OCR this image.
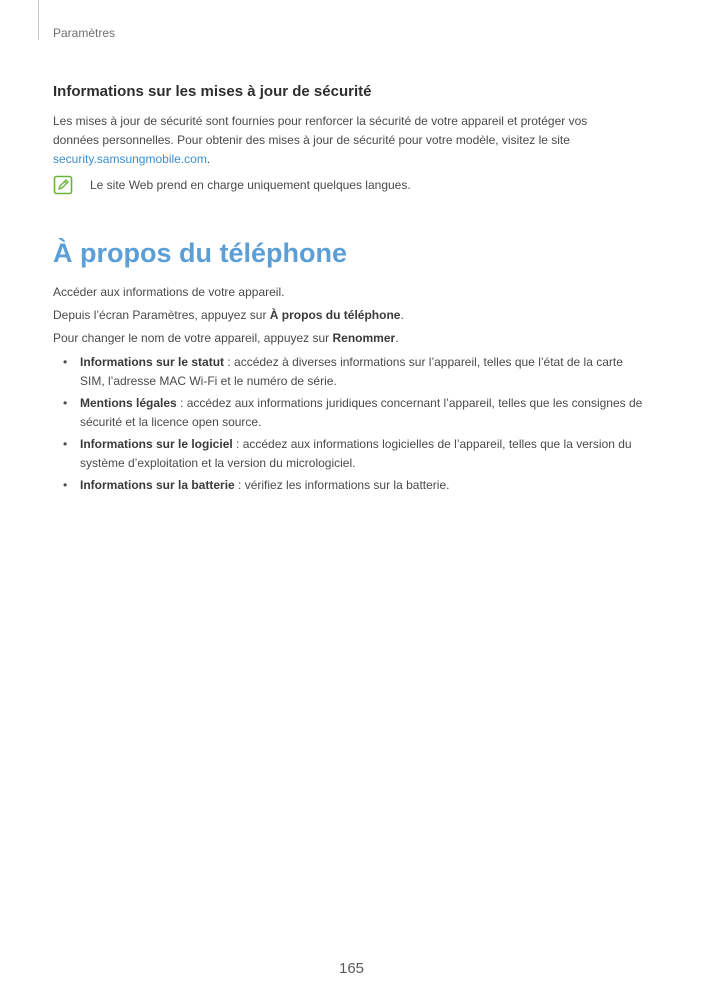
Paramètres
Informations sur les mises à jour de sécurité
Les mises à jour de sécurité sont fournies pour renforcer la sécurité de votre appareil et protéger vos données personnelles. Pour obtenir des mises à jour de sécurité pour votre modèle, visitez le site security.samsungmobile.com.
Le site Web prend en charge uniquement quelques langues.
À propos du téléphone
Accéder aux informations de votre appareil.
Depuis l’écran Paramètres, appuyez sur À propos du téléphone.
Pour changer le nom de votre appareil, appuyez sur Renommer.
• Informations sur le statut : accédez à diverses informations sur l’appareil, telles que l’état de la carte SIM, l’adresse MAC Wi-Fi et le numéro de série.
• Mentions légales : accédez aux informations juridiques concernant l’appareil, telles que les consignes de sécurité et la licence open source.
• Informations sur le logiciel : accédez aux informations logicielles de l’appareil, telles que la version du système d’exploitation et la version du micrologiciel.
• Informations sur la batterie : vérifiez les informations sur la batterie.
165
